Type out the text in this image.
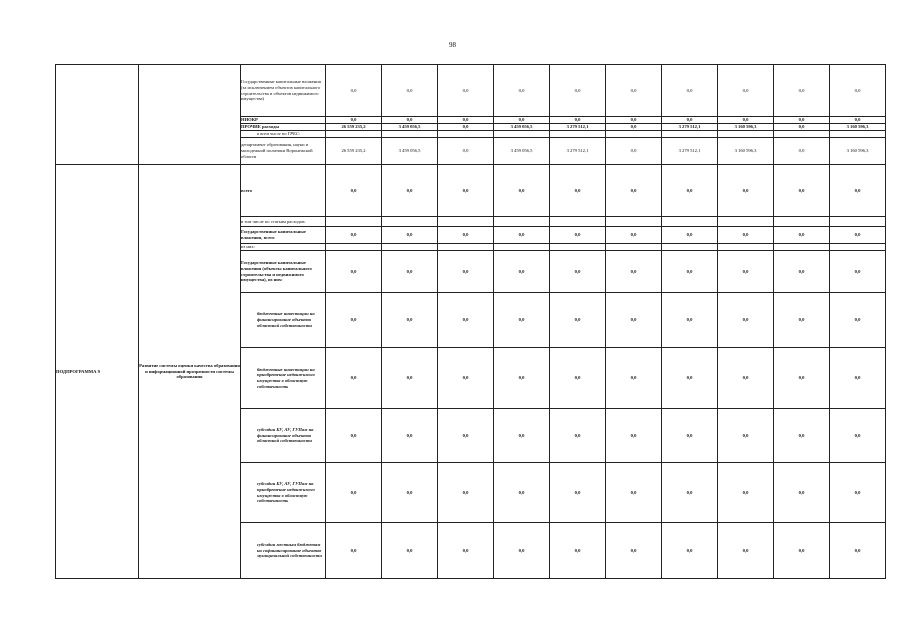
98
		Государственные капитальные вложения (за исключением объектов капитального строительства и объектов недвижимого имущества)	0,0	0,0	0,0	0,0	0,0	0,0	0,0	0,0	0,0	0,0
		НИОКР	0,0	0,0	0,0	0,0	0,0	0,0	0,0	0,0	0,0	0,0
		ПРОЧИЕ расходы	26 559 235,2	3 459 056,5	0,0	3 459 056,5	3 279 512,1	0,0	3 279 512,1	3 160 596,3	0,0	3 160 596,3
		в всем числе по ГРБС:										
		департамент образования, науки и молодежной политики Воронежской области	26 559 235,2	3 459 056,5	0,0	3 459 056,5	3 279 512,1	0,0	3 279 512,1	3 160 596,3	0,0	3 160 596,3
ПОДПРОГРАММА 9	Развитие системы оценки качества образования и информационной прозрачности системы образования	всего	0,0	0,0	0,0	0,0	0,0	0,0	0,0	0,0	0,0	0,0
		в том числе по статьям расходов:										
		Государственные капитальные вложения, всего	0,0	0,0	0,0	0,0	0,0	0,0	0,0	0,0	0,0	0,0
		из них:										
		Государственные капитальные вложения (объекты капитального строительства и недвижимого имущества), из них:	0,0	0,0	0,0	0,0	0,0	0,0	0,0	0,0	0,0	0,0
		бюджетные инвестиции на финансирование объектов областной собственности	0,0	0,0	0,0	0,0	0,0	0,0	0,0	0,0	0,0	0,0
		бюджетные инвестиции на приобретение недвижимого имущества в областную собственность	0,0	0,0	0,0	0,0	0,0	0,0	0,0	0,0	0,0	0,0
		субсидии БУ, АУ, ГУПам на финансирование объектов областной собственности	0,0	0,0	0,0	0,0	0,0	0,0	0,0	0,0	0,0	0,0
		субсидии БУ, АУ, ГУПам на приобретение недвижимого имущества в областную собственность	0,0	0,0	0,0	0,0	0,0	0,0	0,0	0,0	0,0	0,0
		субсидии местным бюджетам на софинансирование объектов муниципальной собственности	0,0	0,0	0,0	0,0	0,0	0,0	0,0	0,0	0,0	0,0
